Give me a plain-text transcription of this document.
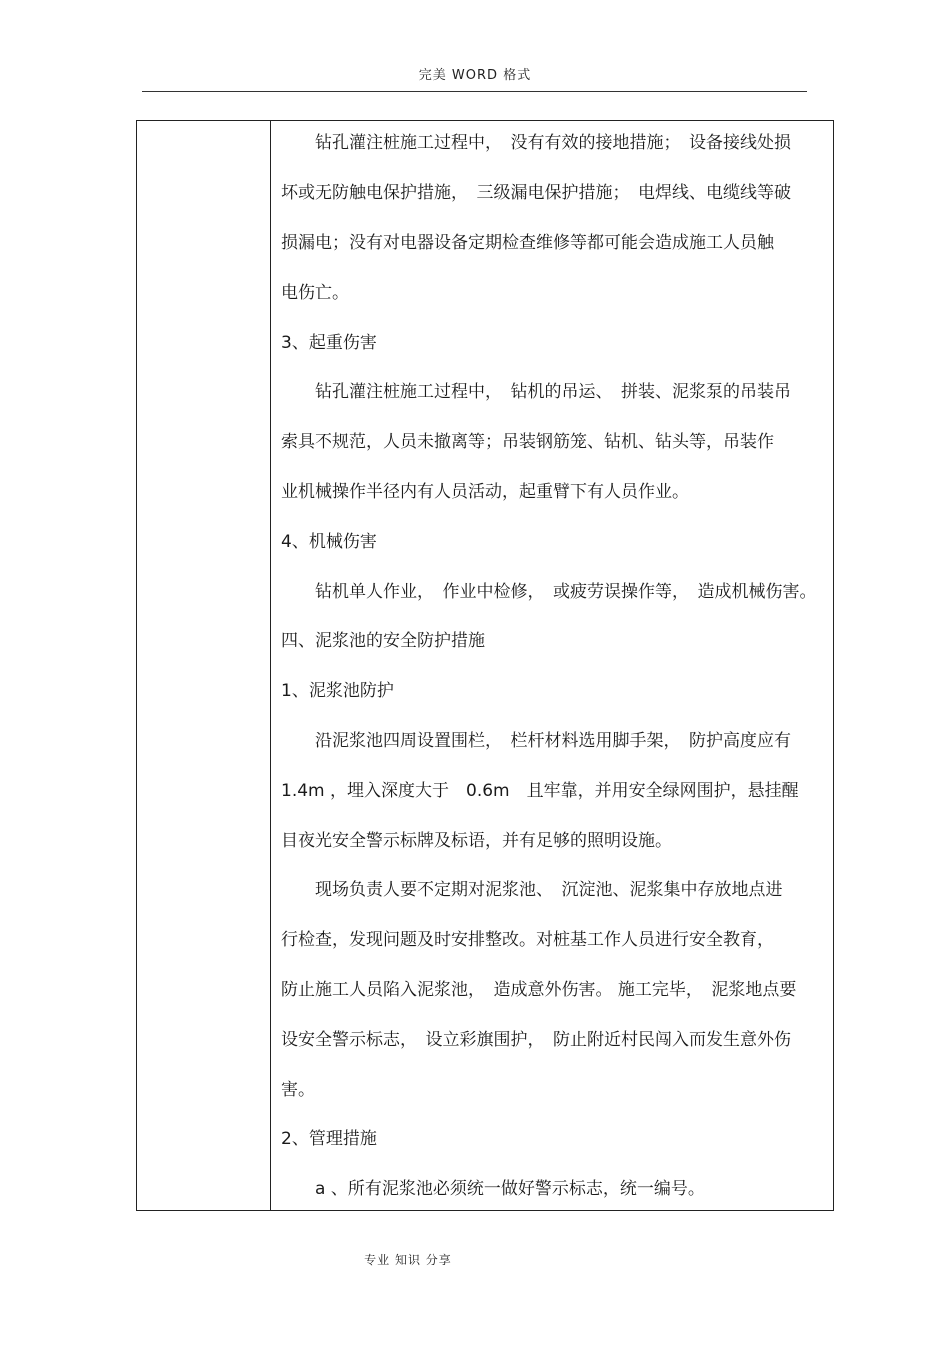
完美 WORD 格式
钻孔灌注桩施工过程中，　没有有效的接地措施；　设备接线处损
坏或无防触电保护措施，　三级漏电保护措施；　电焊线、电缆线等破
损漏电；没有对电器设备定期检查维修等都可能会造成施工人员触
电伤亡。
3、起重伤害
钻孔灌注桩施工过程中，　钻机的吊运、　拼装、泥浆泵的吊装吊
索具不规范，人员未撤离等；吊装钢筋笼、钻机、钻头等，吊装作
业机械操作半径内有人员活动，起重臂下有人员作业。
4、机械伤害
钻机单人作业，　作业中检修，　或疲劳误操作等，　造成机械伤害。
四、泥浆池的安全防护措施
1、泥浆池防护
沿泥浆池四周设置围栏，　栏杆材料选用脚手架，　防护高度应有
1.4m ，埋入深度大于　0.6m　且牢靠，并用安全绿网围护，悬挂醒
目夜光安全警示标牌及标语，并有足够的照明设施。
现场负责人要不定期对泥浆池、　沉淀池、泥浆集中存放地点进
行检查，发现问题及时安排整改。对桩基工作人员进行安全教育，
防止施工人员陷入泥浆池，　造成意外伤害。 施工完毕，　泥浆地点要
设安全警示标志，　设立彩旗围护，　防止附近村民闯入而发生意外伤
害。
2、管理措施
a 、所有泥浆池必须统一做好警示标志，统一编号。
专业 知识 分享
